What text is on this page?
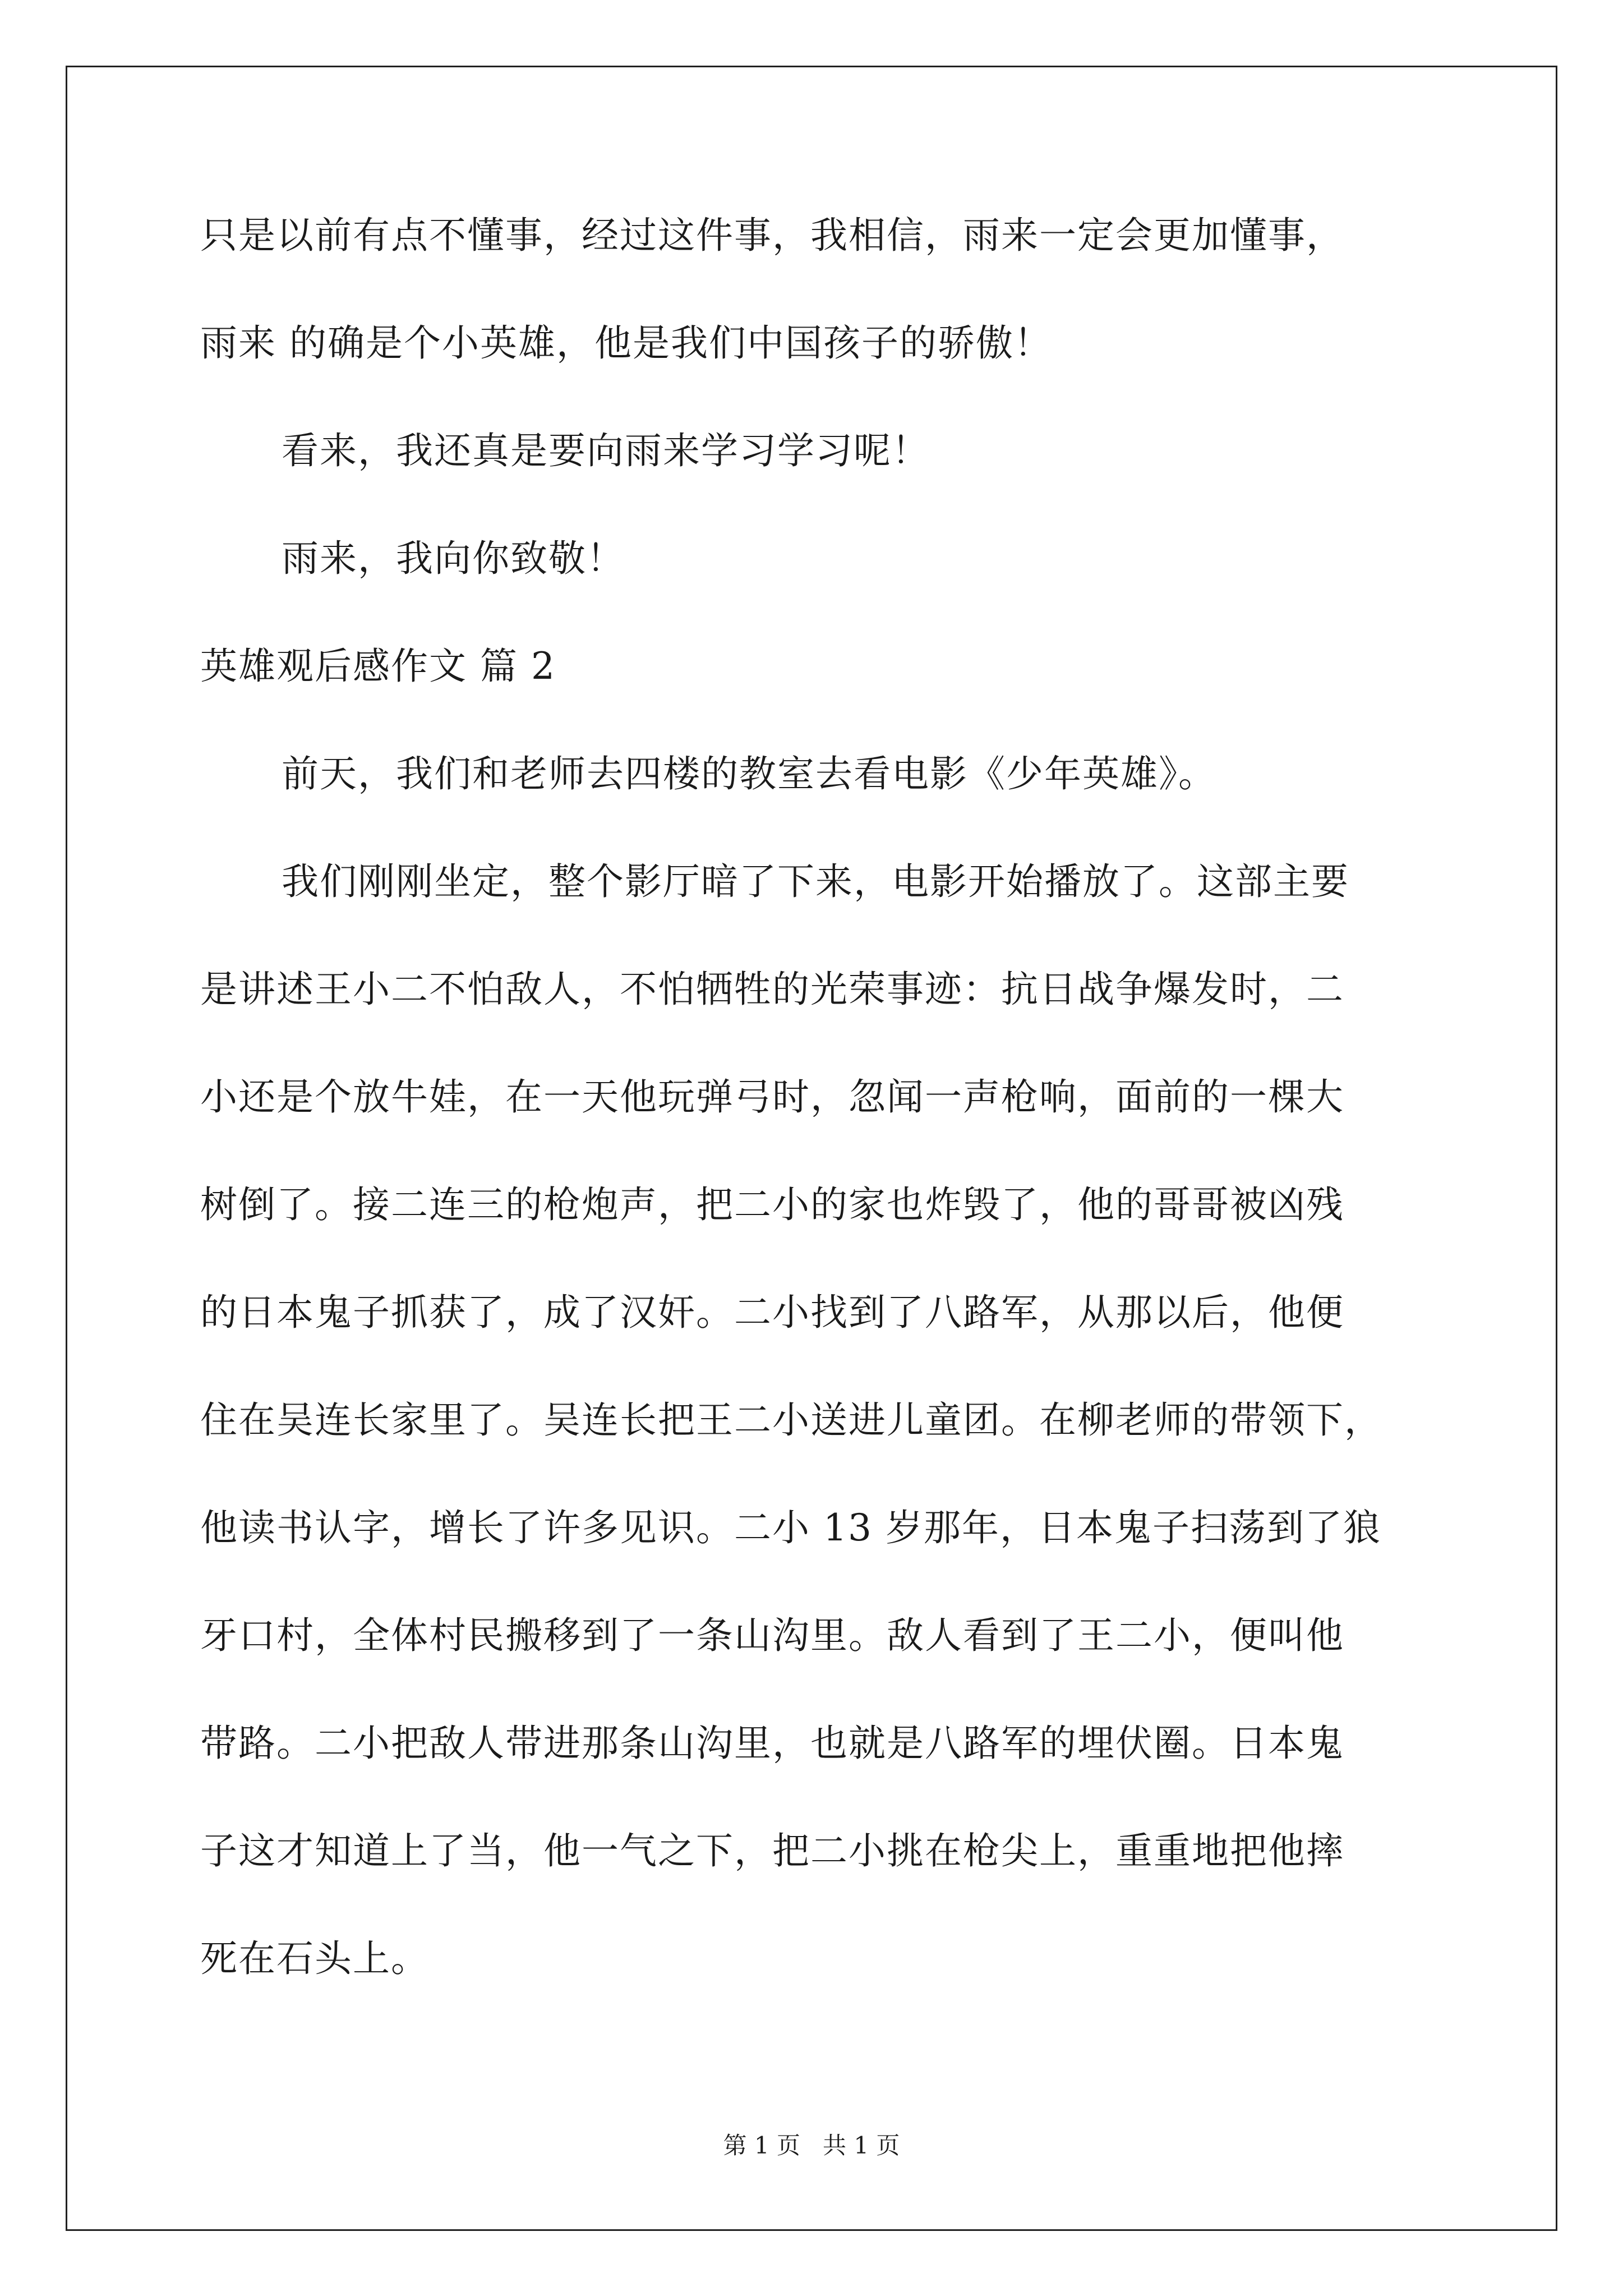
只是以前有点不懂事，经过这件事，我相信，雨来一定会更加懂事，
雨来 的确是个小英雄，他是我们中国孩子的骄傲！
看来，我还真是要向雨来学习学习呢！
雨来，我向你致敬！
英雄观后感作文 篇 2
前天，我们和老师去四楼的教室去看电影《少年英雄》。
我们刚刚坐定，整个影厅暗了下来，电影开始播放了。这部主要
是讲述王小二不怕敌人，不怕牺牲的光荣事迹：抗日战争爆发时，二
小还是个放牛娃，在一天他玩弹弓时，忽闻一声枪响，面前的一棵大
树倒了。接二连三的枪炮声，把二小的家也炸毁了，他的哥哥被凶残
的日本鬼子抓获了，成了汉奸。二小找到了八路军，从那以后，他便
住在吴连长家里了。吴连长把王二小送进儿童团。在柳老师的带领下，
他读书认字，增长了许多见识。二小 13 岁那年，日本鬼子扫荡到了狼
牙口村，全体村民搬移到了一条山沟里。敌人看到了王二小，便叫他
带路。二小把敌人带进那条山沟里，也就是八路军的埋伏圈。日本鬼
子这才知道上了当，他一气之下，把二小挑在枪尖上，重重地把他摔
死在石头上。
第 1 页 共 1 页
